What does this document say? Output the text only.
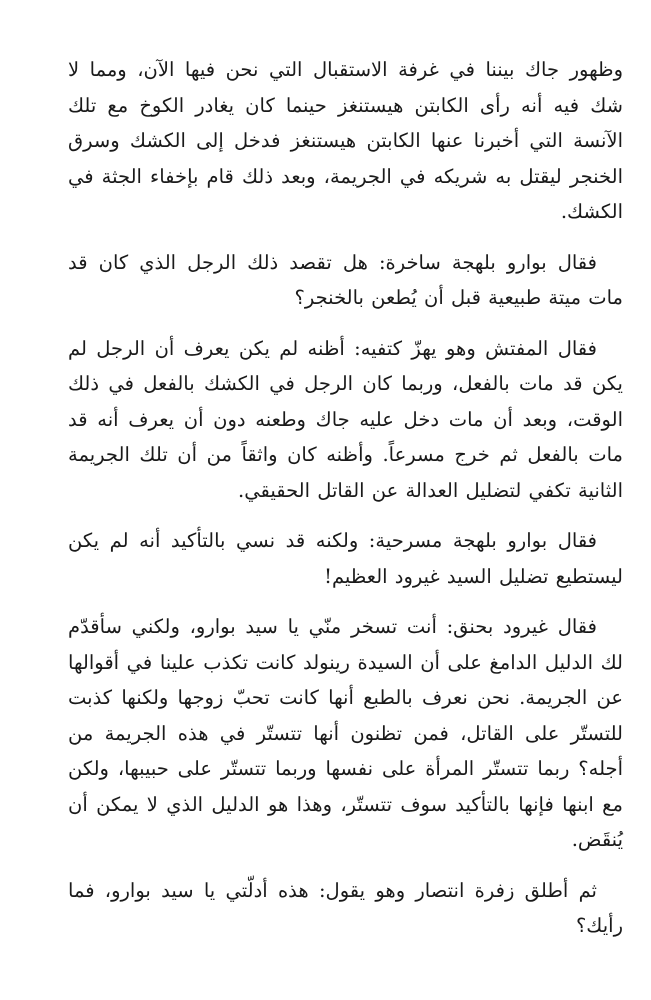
وظهور جاك بيننا في غرفة الاستقبال التي نحن فيها الآن، ومما لا شك فيه أنه رأى الكابتن هيستنغز حينما كان يغادر الكوخ مع تلك الآنسة التي أخبرنا عنها الكابتن هيستنغز فدخل إلى الكشك وسرق الخنجر ليقتل به شريكه في الجريمة، وبعد ذلك قام بإخفاء الجثة في الكشك.

فقال بوارو بلهجة ساخرة: هل تقصد ذلك الرجل الذي كان قد مات ميتة طبيعية قبل أن يُطعن بالخنجر؟

فقال المفتش وهو يهزّ كتفيه: أظنه لم يكن يعرف أن الرجل لم يكن قد مات بالفعل، وربما كان الرجل في الكشك بالفعل في ذلك الوقت، وبعد أن مات دخل عليه جاك وطعنه دون أن يعرف أنه قد مات بالفعل ثم خرج مسرعاً. وأظنه كان واثقاً من أن تلك الجريمة الثانية تكفي لتضليل العدالة عن القاتل الحقيقي.

فقال بوارو بلهجة مسرحية: ولكنه قد نسي بالتأكيد أنه لم يكن ليستطيع تضليل السيد غيرود العظيم!

فقال غيرود بحنق: أنت تسخر منّي يا سيد بوارو، ولكني سأقدّم لك الدليل الدامغ على أن السيدة رينولد كانت تكذب علينا في أقوالها عن الجريمة. نحن نعرف بالطبع أنها كانت تحبّ زوجها ولكنها كذبت للتستّر على القاتل، فمن تظنون أنها تتستّر في هذه الجريمة من أجله؟ ربما تتستّر المرأة على نفسها وربما تتستّر على حبيبها، ولكن مع ابنها فإنها بالتأكيد سوف تتستّر، وهذا هو الدليل الذي لا يمكن أن يُنقَض.

ثم أطلق زفرة انتصار وهو يقول: هذه أدلّتي يا سيد بوارو، فما رأيك؟
